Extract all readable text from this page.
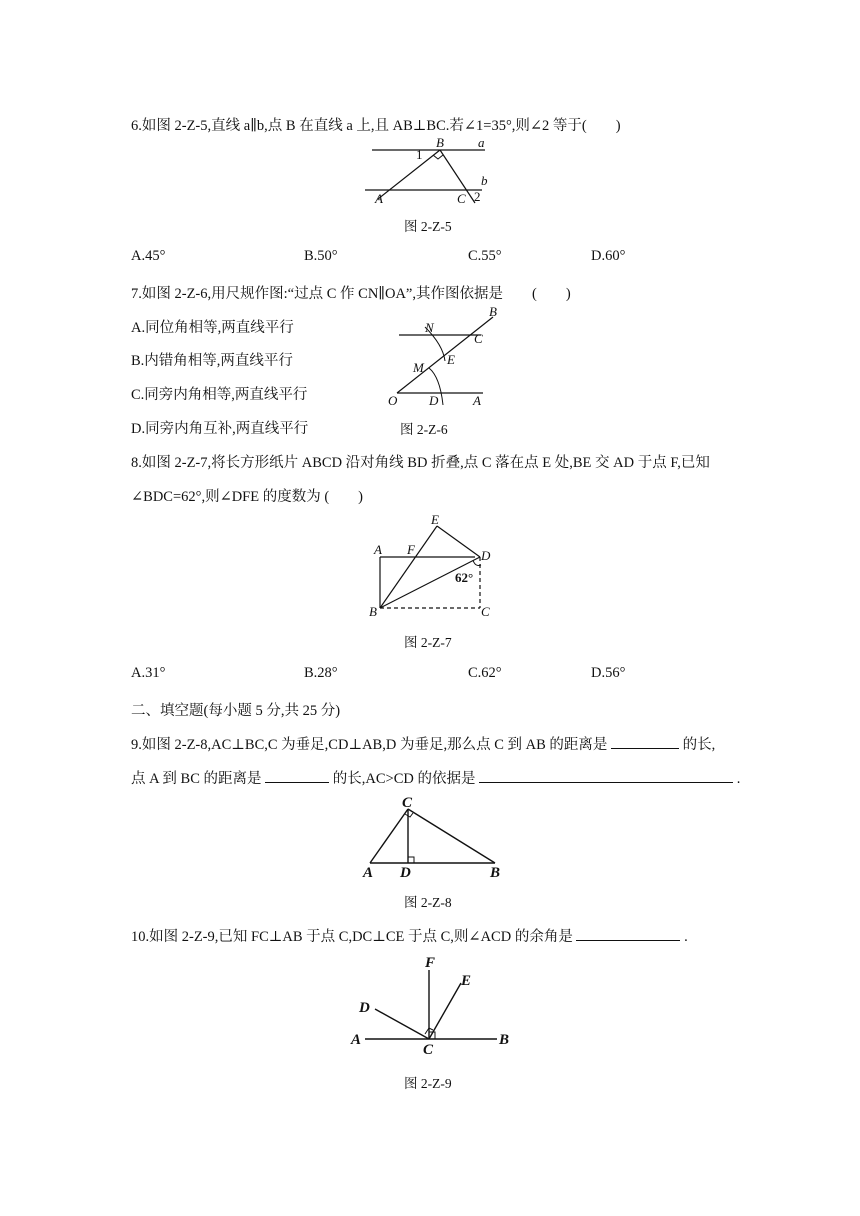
6.如图 2-Z-5,直线 a∥b,点 B 在直线 a 上,且 AB⊥BC.若∠1=35°,则∠2 等于(　　)
B	a
1
b
A	C 2
图 2-Z-5
A.45°	B.50°	C.55°	D.60°
7.如图 2-Z-6,用尺规作图:“过点 C 作 CN∥OA”,其作图依据是　　(　　)
A.同位角相等,两直线平行
B.内错角相等,两直线平行
C.同旁内角相等,两直线平行
D.同旁内角互补,两直线平行
N
B
C
E
M
O D	A
图 2-Z-6
8.如图 2-Z-7,将长方形纸片 ABCD 沿对角线 BD 折叠,点 C 落在点 E 处,BE 交 AD 于点 F,已知
∠BDC=62°,则∠DFE 的度数为 (　　)
E
A F	D
62°
B	C
图 2-Z-7
A.31°	B.28°	C.62°	D.56°
二、填空题(每小题 5 分,共 25 分)
9.如图 2-Z-8,AC⊥BC,C 为垂足,CD⊥AB,D 为垂足,那么点 C 到 AB 的距离是	的长,
点 A 到 BC 的距离是	的长,AC>CD 的依据是	.
C
A D	B
图 2-Z-8
10.如图 2-Z-9,已知 FC⊥AB 于点 C,DC⊥CE 于点 C,则∠ACD 的余角是	.
F
E
D
A
C
B
图 2-Z-9
